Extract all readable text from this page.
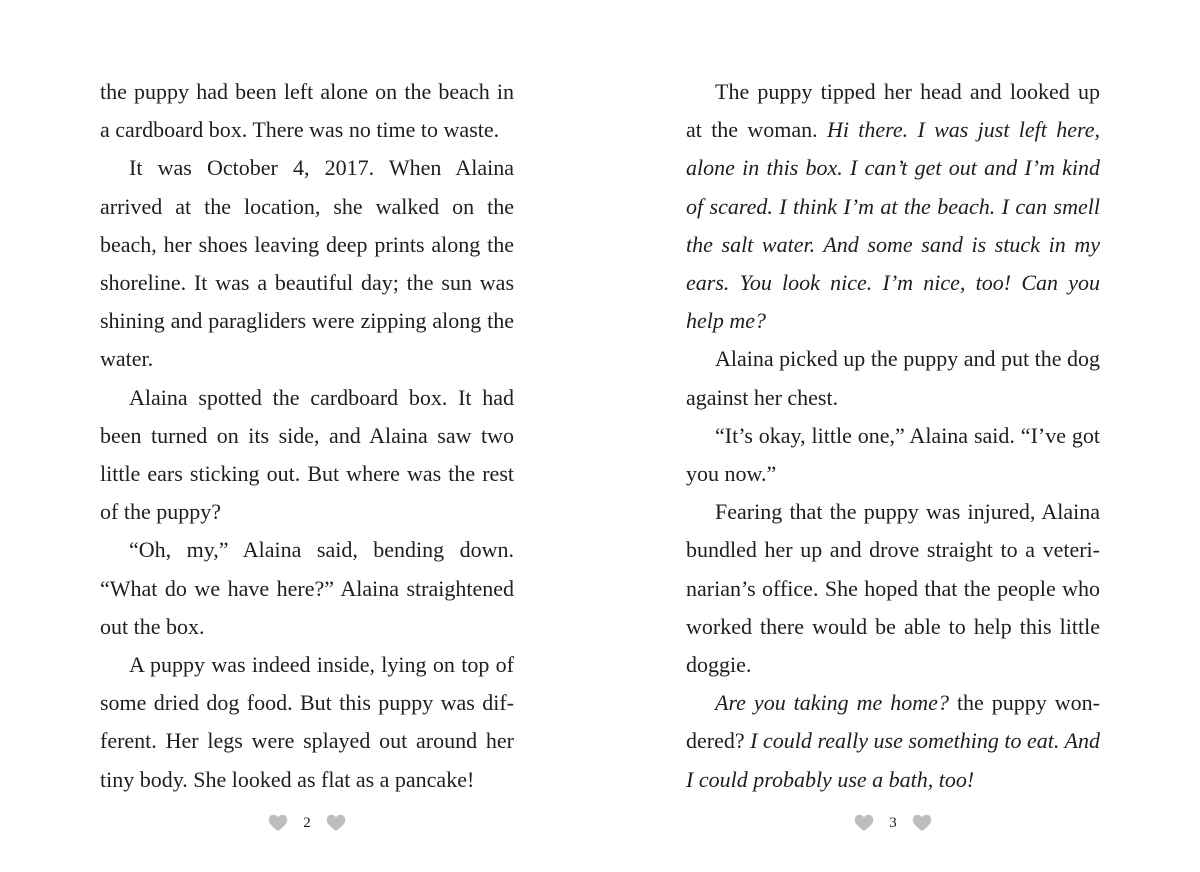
the puppy had been left alone on the beach in a cardboard box. There was no time to waste.

It was October 4, 2017. When Alaina arrived at the location, she walked on the beach, her shoes leaving deep prints along the shoreline. It was a beautiful day; the sun was shining and paragliders were zipping along the water.

Alaina spotted the cardboard box. It had been turned on its side, and Alaina saw two little ears sticking out. But where was the rest of the puppy?

“Oh, my,” Alaina said, bending down. “What do we have here?” Alaina straightened out the box.

A puppy was indeed inside, lying on top of some dried dog food. But this puppy was different. Her legs were splayed out around her tiny body. She looked as flat as a pancake!

2

The puppy tipped her head and looked up at the woman. Hi there. I was just left here, alone in this box. I can’t get out and I’m kind of scared. I think I’m at the beach. I can smell the salt water. And some sand is stuck in my ears. You look nice. I’m nice, too! Can you help me?

Alaina picked up the puppy and put the dog against her chest.

“It’s okay, little one,” Alaina said. “I’ve got you now.”

Fearing that the puppy was injured, Alaina bundled her up and drove straight to a veterinarian’s office. She hoped that the people who worked there would be able to help this little doggie.

Are you taking me home? the puppy wondered? I could really use something to eat. And I could probably use a bath, too!

3
